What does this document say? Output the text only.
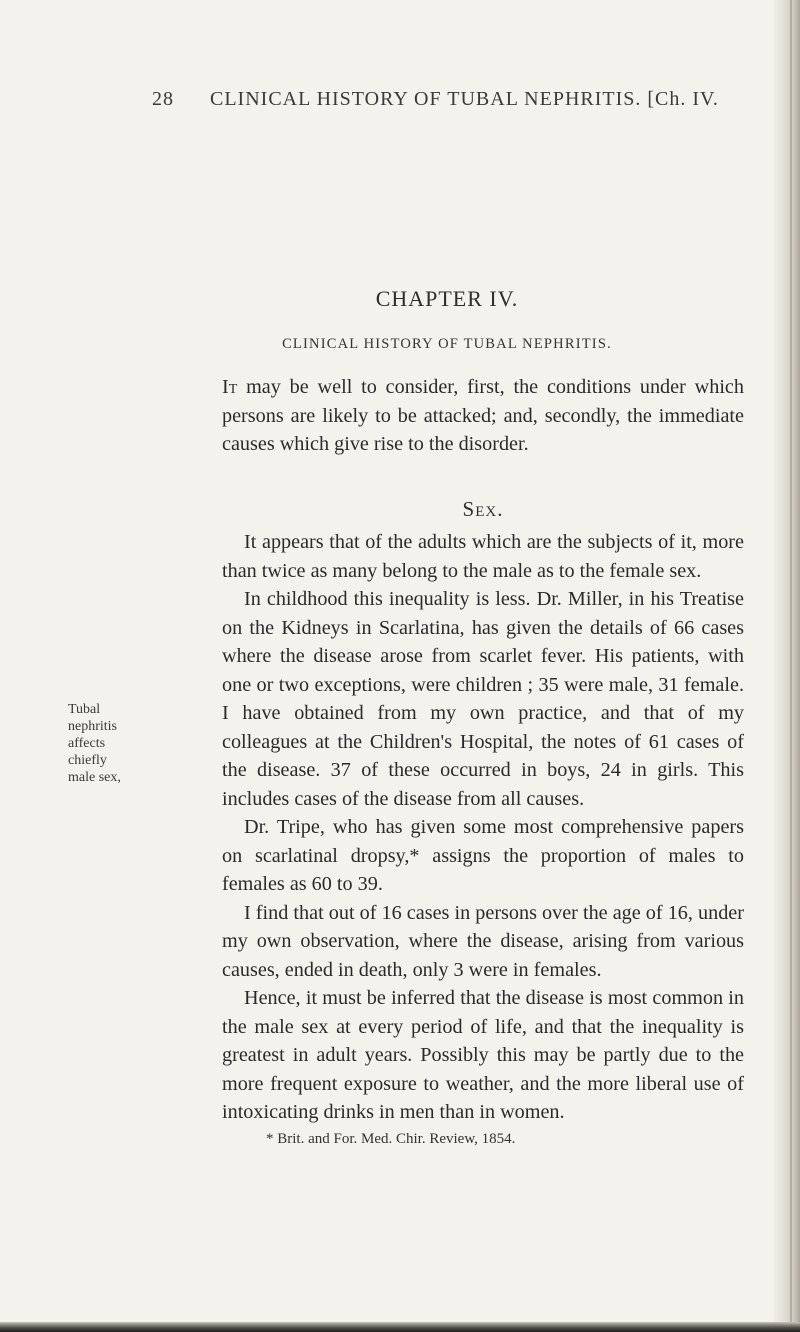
28 CLINICAL HISTORY OF TUBAL NEPHRITIS. [Ch. IV.
CHAPTER IV.
CLINICAL HISTORY OF TUBAL NEPHRITIS.

It may be well to consider, first, the conditions under which persons are likely to be attacked; and, secondly, the immediate causes which give rise to the disorder.

Sex.

It appears that of the adults which are the subjects of it, more than twice as many belong to the male as to the female sex.

In childhood this inequality is less. Dr. Miller, in his Treatise on the Kidneys in Scarlatina, has given the details of 66 cases where the disease arose from scarlet fever. His patients, with one or two exceptions, were children ; 35 were male, 31 female. I have obtained from my own practice, and that of my colleagues at the Children's Hospital, the notes of 61 cases of the disease. 37 of these occurred in boys, 24 in girls. This includes cases of the disease from all causes.

Dr. Tripe, who has given some most comprehensive papers on scarlatinal dropsy,* assigns the proportion of males to females as 60 to 39.

I find that out of 16 cases in persons over the age of 16, under my own observation, where the disease, arising from various causes, ended in death, only 3 were in females.

Hence, it must be inferred that the disease is most common in the male sex at every period of life, and that the inequality is greatest in adult years. Possibly this may be partly due to the more frequent exposure to weather, and the more liberal use of intoxicating drinks in men than in women.

Tubal
nephritis
affects
chiefly
male sex,
* Brit. and For. Med. Chir. Review, 1854.
